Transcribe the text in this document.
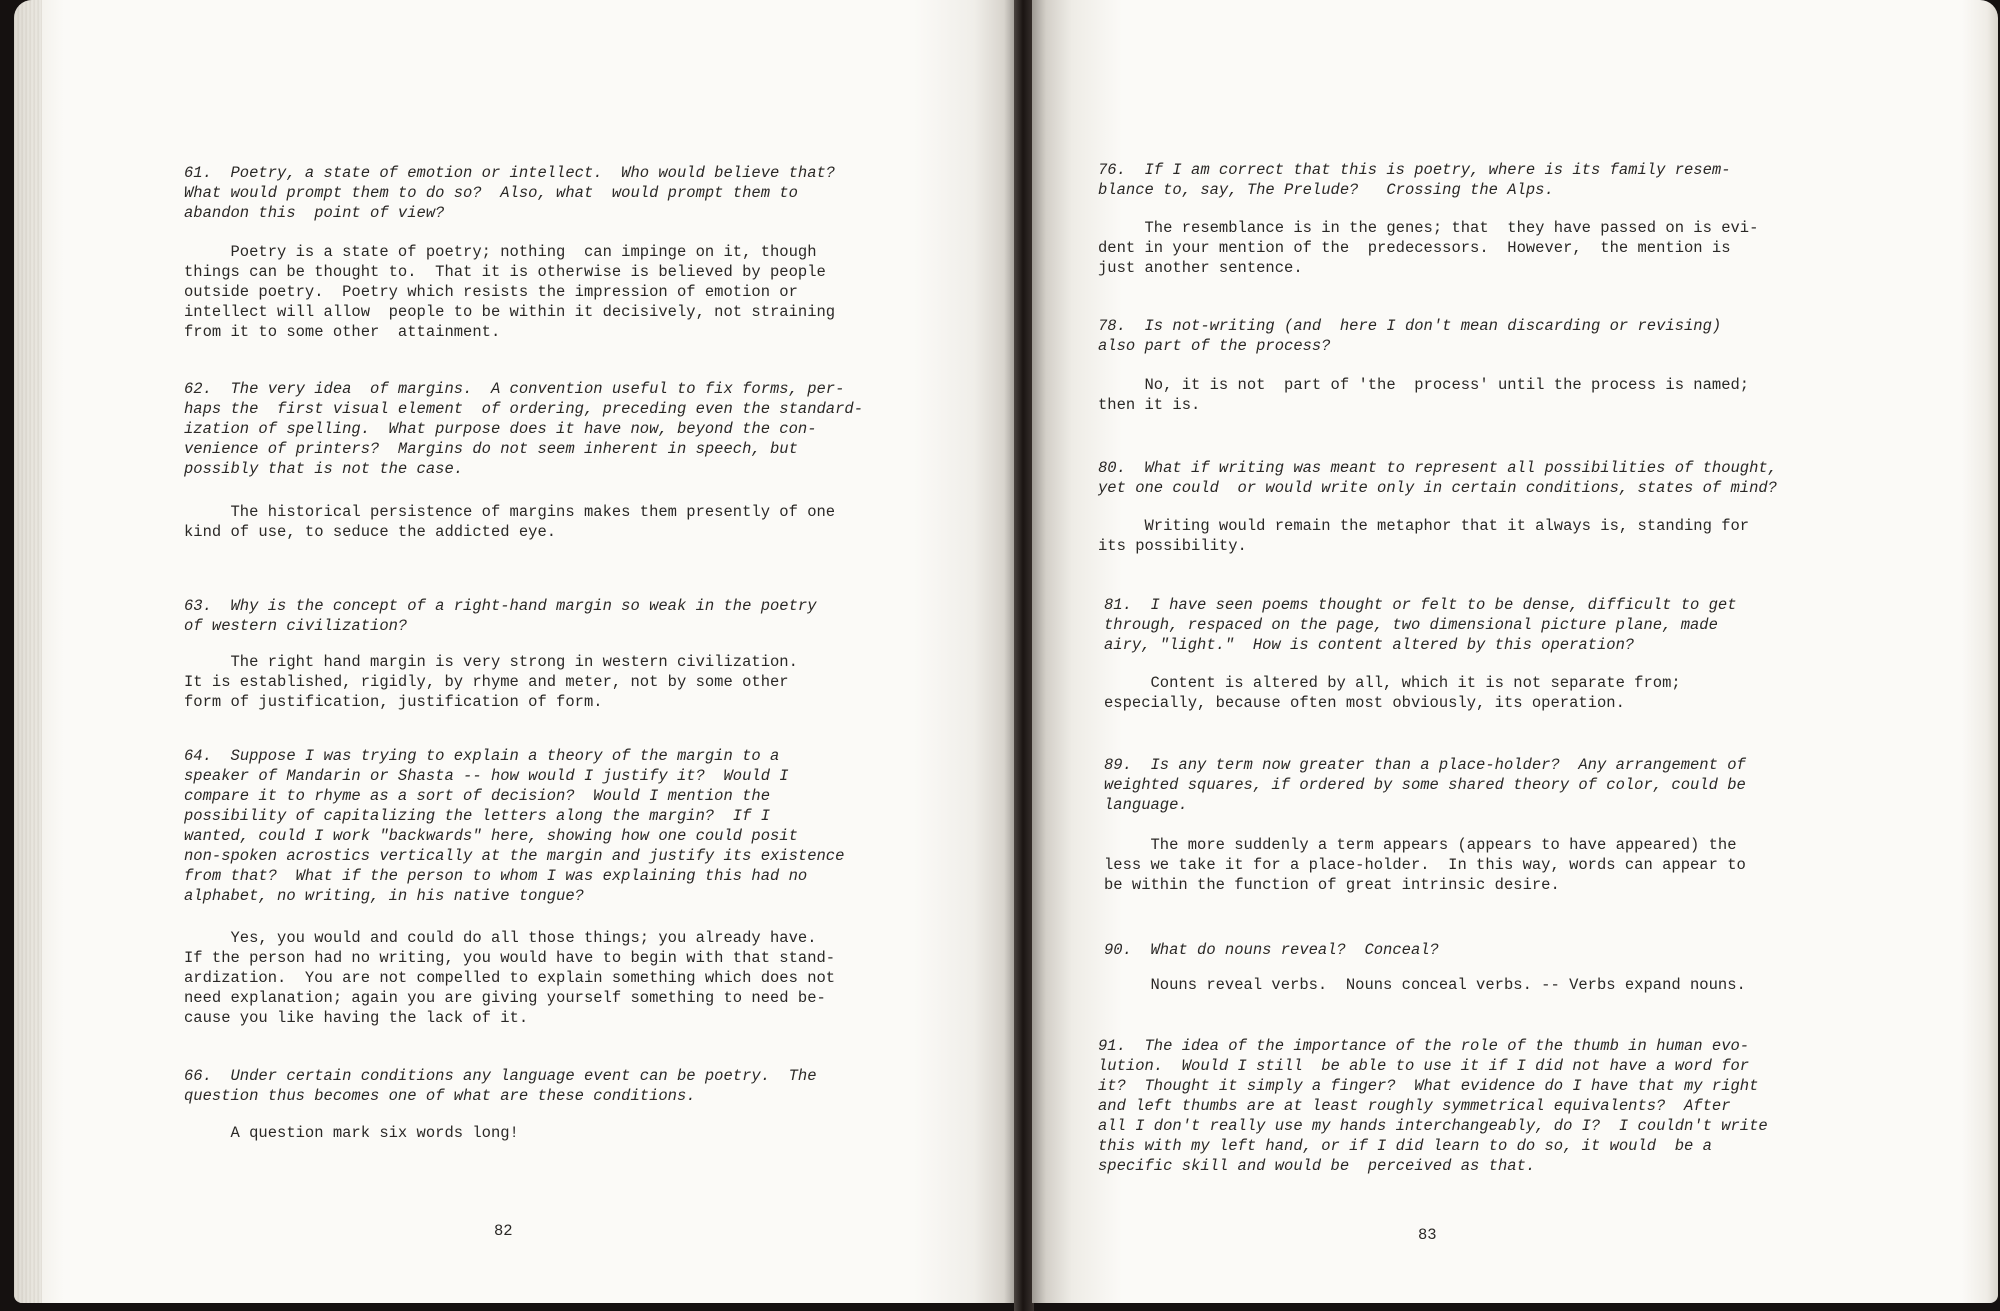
61.  Poetry, a state of emotion or intellect.  Who would believe that?
What would prompt them to do so?  Also, what  would prompt them to
abandon this  point of view?
Poetry is a state of poetry; nothing  can impinge on it, though
things can be thought to.  That it is otherwise is believed by people
outside poetry.  Poetry which resists the impression of emotion or
intellect will allow  people to be within it decisively, not straining
from it to some other  attainment.
62.  The very idea  of margins.  A convention useful to fix forms, per-
haps the  first visual element  of ordering, preceding even the standard-
ization of spelling.  What purpose does it have now, beyond the con-
venience of printers?  Margins do not seem inherent in speech, but
possibly that is not the case.
The historical persistence of margins makes them presently of one
kind of use, to seduce the addicted eye.
63.  Why is the concept of a right-hand margin so weak in the poetry
of western civilization?
The right hand margin is very strong in western civilization.
It is established, rigidly, by rhyme and meter, not by some other
form of justification, justification of form.
64.  Suppose I was trying to explain a theory of the margin to a
speaker of Mandarin or Shasta -- how would I justify it?  Would I
compare it to rhyme as a sort of decision?  Would I mention the
possibility of capitalizing the letters along the margin?  If I
wanted, could I work "backwards" here, showing how one could posit
non-spoken acrostics vertically at the margin and justify its existence
from that?  What if the person to whom I was explaining this had no
alphabet, no writing, in his native tongue?
Yes, you would and could do all those things; you already have.
If the person had no writing, you would have to begin with that stand-
ardization.  You are not compelled to explain something which does not
need explanation; again you are giving yourself something to need be-
cause you like having the lack of it.
66.  Under certain conditions any language event can be poetry.  The
question thus becomes one of what are these conditions.
A question mark six words long!
82
76.  If I am correct that this is poetry, where is its family resem-
blance to, say, The Prelude?   Crossing the Alps.
The resemblance is in the genes; that  they have passed on is evi-
dent in your mention of the  predecessors.  However,  the mention is
just another sentence.
78.  Is not-writing (and  here I don't mean discarding or revising)
also part of the process?
No, it is not  part of 'the  process' until the process is named;
then it is.
80.  What if writing was meant to represent all possibilities of thought,
yet one could  or would write only in certain conditions, states of mind?
Writing would remain the metaphor that it always is, standing for
its possibility.
81.  I have seen poems thought or felt to be dense, difficult to get
through, respaced on the page, two dimensional picture plane, made
airy, "light."  How is content altered by this operation?
Content is altered by all, which it is not separate from;
especially, because often most obviously, its operation.
89.  Is any term now greater than a place-holder?  Any arrangement of
weighted squares, if ordered by some shared theory of color, could be
language.
The more suddenly a term appears (appears to have appeared) the
less we take it for a place-holder.  In this way, words can appear to
be within the function of great intrinsic desire.
90.  What do nouns reveal?  Conceal?
Nouns reveal verbs.  Nouns conceal verbs. -- Verbs expand nouns.
91.  The idea of the importance of the role of the thumb in human evo-
lution.  Would I still  be able to use it if I did not have a word for
it?  Thought it simply a finger?  What evidence do I have that my right
and left thumbs are at least roughly symmetrical equivalents?  After
all I don't really use my hands interchangeably, do I?  I couldn't write
this with my left hand, or if I did learn to do so, it would  be a
specific skill and would be  perceived as that.
83
